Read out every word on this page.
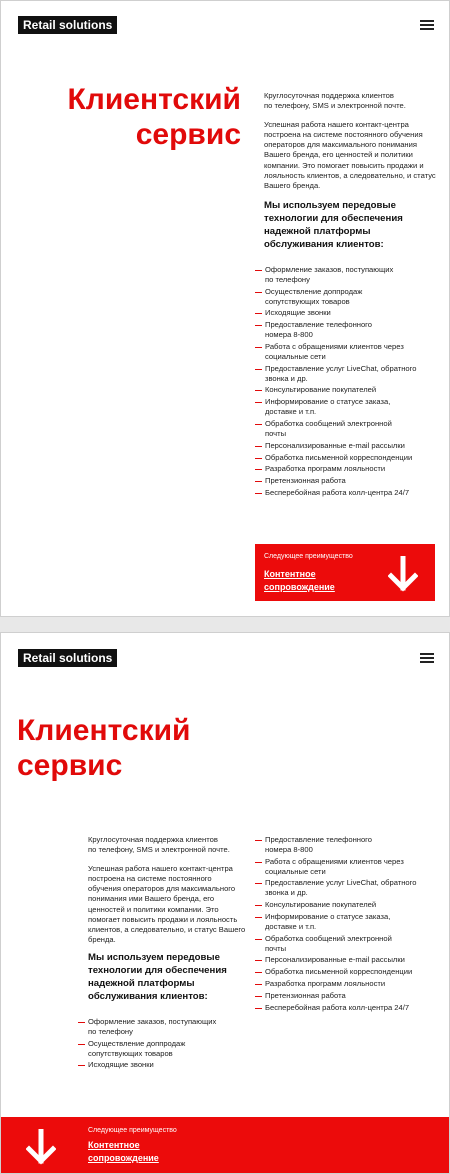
Retail solutions
Клиентский
сервис

Круглосуточная поддержка клиентов
по телефону, SMS и электронной почте.

Успешная работа нашего контакт-центра
построена на системе постоянного обучения
операторов для максимального понимания
Вашего бренда, его ценностей и политики
компании. Это помогает повысить продажи и
лояльность клиентов, а следовательно, и статус
Вашего бренда.

Мы используем передовые
технологии для обеспечения
надежной платформы
обслуживания клиентов:
Оформление заказов, поступающих
по телефону
Осуществление доппродаж
сопутствующих товаров
Исходящие звонки
Предоставление телефонного
номера 8-800
Работа с обращениями клиентов через
социальные сети
Предоставление услуг LiveChat, обратного
звонка и др.
Консультирование покупателей
Информирование о статусе заказа,
доставке и т.п.
Обработка сообщений электронной
почты
Персонализированные e-mail рассылки
Обработка письменной корреспонденции
Разработка программ лояльности
Претензионная работа
Бесперебойная работа колл-центра 24/7
Следующее преимущество
Контентное
сопровождение
Retail solutions
Клиентский
сервис

Круглосуточная поддержка клиентов
по телефону, SMS и электронной почте.

Успешная работа нашего контакт-центра
построена на системе постоянного
обучения операторов для максимального
понимания ими Вашего бренда, его
ценностей и политики компании. Это
помогает повысить продажи и лояльность
клиентов, а следовательно, и статус Вашего
бренда.

Мы используем передовые
технологии для обеспечения
надежной платформы
обслуживания клиентов:
Оформление заказов, поступающих
по телефону
Осуществление доппродаж
сопутствующих товаров
Исходящие звонки
Предоставление телефонного
номера 8-800
Работа с обращениями клиентов через
социальные сети
Предоставление услуг LiveChat, обратного
звонка и др.
Консультирование покупателей
Информирование о статусе заказа,
доставке и т.п.
Обработка сообщений электронной
почты
Персонализированные e-mail рассылки
Обработка письменной корреспонденции
Разработка программ лояльности
Претензионная работа
Бесперебойная работа колл-центра 24/7
Следующее преимущество
Контентное
сопровождение
